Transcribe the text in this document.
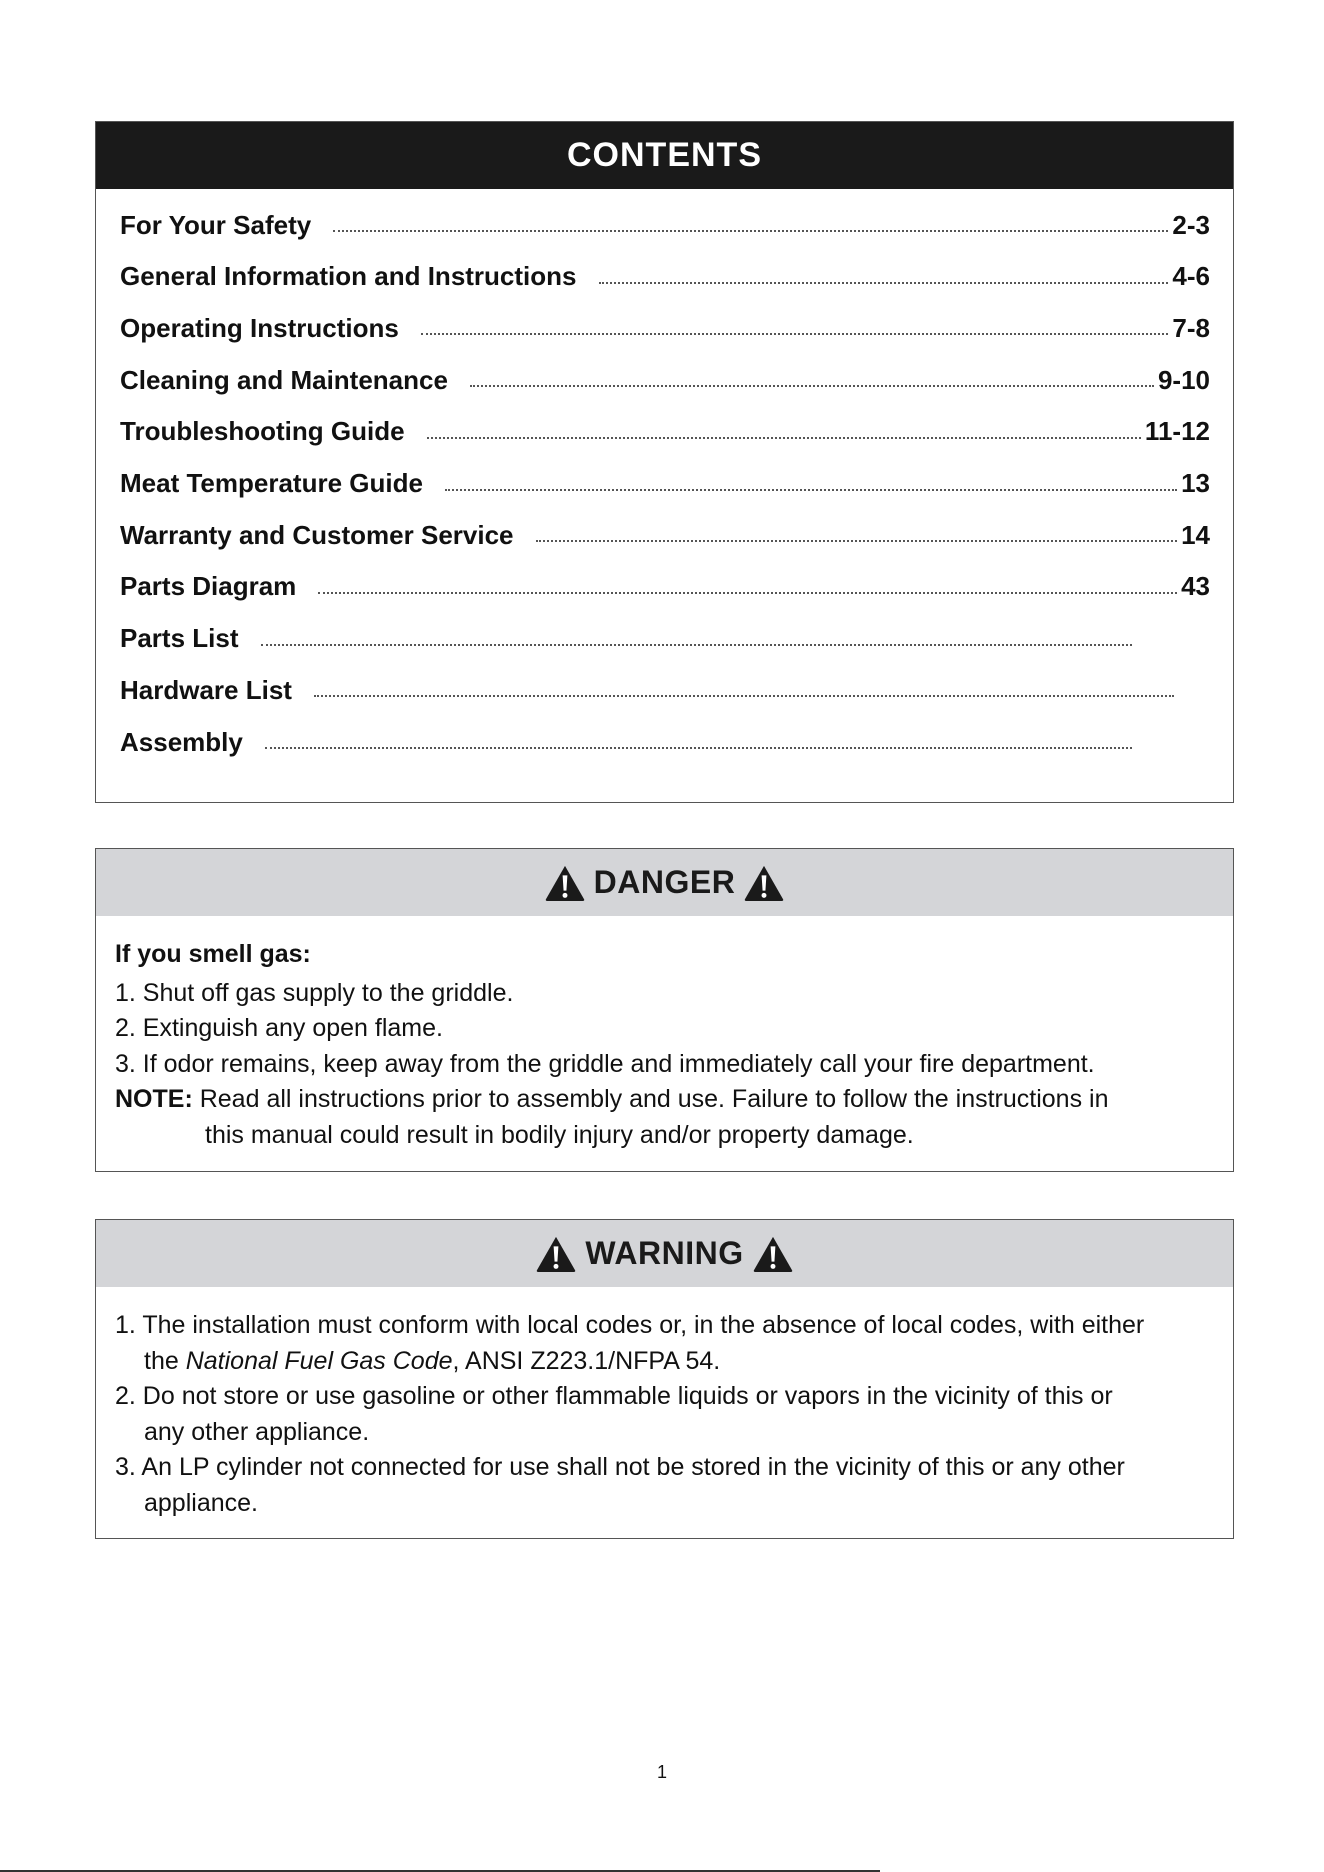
CONTENTS
For Your Safety	2-3
General Information and Instructions	4-6
Operating Instructions	7-8
Cleaning and Maintenance	9-10
Troubleshooting Guide	11-12
Meat Temperature Guide	13
Warranty and Customer Service	14
Parts Diagram	43
Parts List
Hardware List
Assembly
DANGER
If you smell gas:
1. Shut off gas supply to the griddle.
2. Extinguish any open flame.
3. If odor remains, keep away from the griddle and immediately call your fire department.
NOTE: Read all instructions prior to assembly and use. Failure to follow the instructions in
this manual could result in bodily injury and/or property damage.
WARNING
1. The installation must conform with local codes or, in the absence of local codes, with either
the National Fuel Gas Code, ANSI Z223.1/NFPA 54.
2. Do not store or use gasoline or other flammable liquids or vapors in the vicinity of this or
any other appliance.
3. An LP cylinder not connected for use shall not be stored in the vicinity of this or any other
appliance.
1
